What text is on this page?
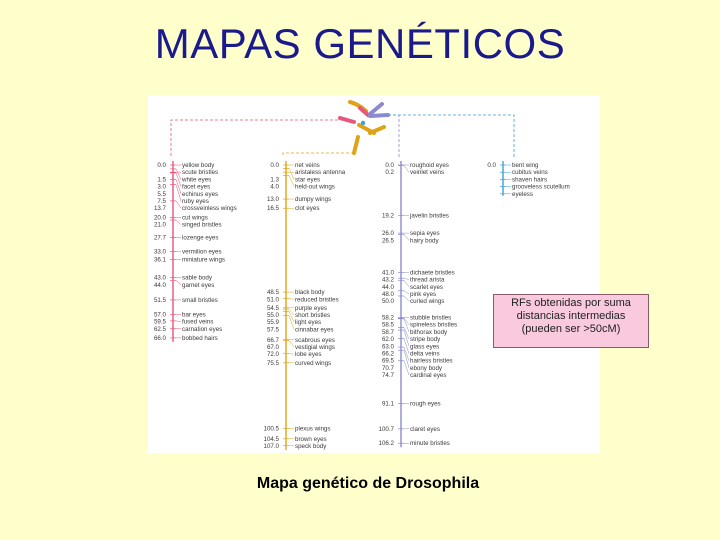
MAPAS GENÉTICOS
0.0	yellow body
scute bristles
1.5	white eyes
3.0	facet eyes
5.5	echinus eyes
7.5	ruby eyes
13.7	crossveinless wings
20.0	cut wings
21.0	singed bristles
27.7	lozenge eyes
33.0	vermilion eyes
36.1	miniature wings
43.0	sable body
44.0	garnet eyes
51.5	small bristles
57.0	bar eyes
59.5	fused veins
62.5	carnation eyes
66.0	bobbed hairs
0.0	net veins
aristaless antenna
1.3	star eyes
4.0	held-out wings
13.0	dumpy wings
16.5	clot eyes
48.5	black body
51.0	reduced bristles
54.5	purple eyes
55.0	short bristles
55.9	light eyes
57.5	cinnabar eyes
66.7	scabrous eyes
67.0	vestigial wings
72.0	lobe eyes
75.5	curved wings
100.5	plexus wings
104.5	brown eyes
107.0	speck body
0.0	roughoid eyes
0.2	veinlet veins
19.2	javelin bristles
26.0	sepia eyes
26.5	hairy body
41.0	dichaete bristles
43.2	thread arista
44.0	scarlet eyes
48.0	pink eyes
50.0	curled wings
58.2	stubble bristles
58.5	spineless bristles
58.7	bithorax body
62.0	stripe body
63.0	glass eyes
66.2	delta veins
69.5	hairless bristles
70.7	ebony body
74.7	cardinal eyes
91.1	rough eyes
100.7	claret eyes
106.2	minute bristles
0.0	bent wing
cubitus veins
shaven hairs
grooveless scutellum
eyeless
RFs obtenidas por suma
distancias intermedias
(pueden ser >50cM)
Mapa genético de Drosophila
